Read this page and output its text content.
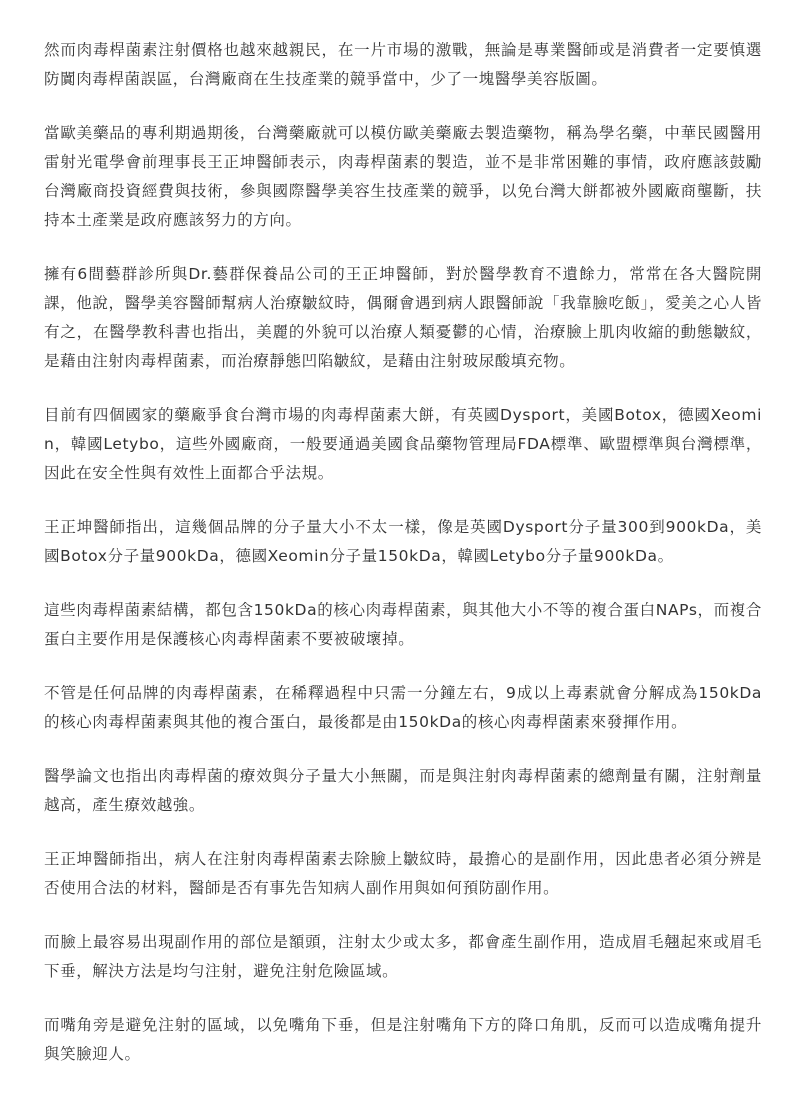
然而肉毒桿菌素注射價格也越來越親民，在一片市場的激戰，無論是專業醫師或是消費者一定要慎選防闐肉毒桿菌誤區，台灣廠商在生技產業的競爭當中，少了一塊醫學美容版圖。

當歐美藥品的專利期過期後，台灣藥廠就可以模仿歐美藥廠去製造藥物，稱為學名藥，中華民國醫用雷射光電學會前理事長王正坤醫師表示，肉毒桿菌素的製造，並不是非常困難的事情，政府應該鼓勵台灣廠商投資經費與技術，參與國際醫學美容生技產業的競爭，以免台灣大餅都被外國廠商壟斷，扶持本土產業是政府應該努力的方向。

擁有6間藝群診所與Dr.藝群保養品公司的王正坤醫師，對於醫學教育不遺餘力，常常在各大醫院開課，他說，醫學美容醫師幫病人治療皺紋時，偶爾會遇到病人跟醫師說「我靠臉吃飯」，愛美之心人皆有之，在醫學教科書也指出，美麗的外貌可以治療人類憂鬱的心情，治療臉上肌肉收縮的動態皺紋，是藉由注射肉毒桿菌素，而治療靜態凹陷皺紋，是藉由注射玻尿酸填充物。

目前有四個國家的藥廠爭食台灣市場的肉毒桿菌素大餅，有英國Dysport，美國Botox，德國Xeomin，韓國Letybo，這些外國廠商，一般要通過美國食品藥物管理局FDA標準、歐盟標準與台灣標準，因此在安全性與有效性上面都合乎法規。

王正坤醫師指出，這幾個品牌的分子量大小不太一樣，像是英國Dysport分子量300到900kDa，美國Botox分子量900kDa，德國Xeomin分子量150kDa，韓國Letybo分子量900kDa。

這些肉毒桿菌素結構，都包含150kDa的核心肉毒桿菌素，與其他大小不等的複合蛋白NAPs，而複合蛋白主要作用是保護核心肉毒桿菌素不要被破壞掉。

不管是任何品牌的肉毒桿菌素，在稀釋過程中只需一分鐘左右，9成以上毒素就會分解成為150kDa的核心肉毒桿菌素與其他的複合蛋白，最後都是由150kDa的核心肉毒桿菌素來發揮作用。

醫學論文也指出肉毒桿菌的療效與分子量大小無關，而是與注射肉毒桿菌素的總劑量有關，注射劑量越高，產生療效越強。

王正坤醫師指出，病人在注射肉毒桿菌素去除臉上皺紋時，最擔心的是副作用，因此患者必須分辨是否使用合法的材料，醫師是否有事先告知病人副作用與如何預防副作用。

而臉上最容易出現副作用的部位是額頭，注射太少或太多，都會產生副作用，造成眉毛翹起來或眉毛下垂，解決方法是均勻注射，避免注射危險區域。

而嘴角旁是避免注射的區域，以免嘴角下垂，但是注射嘴角下方的降口角肌，反而可以造成嘴角提升與笑臉迎人。
